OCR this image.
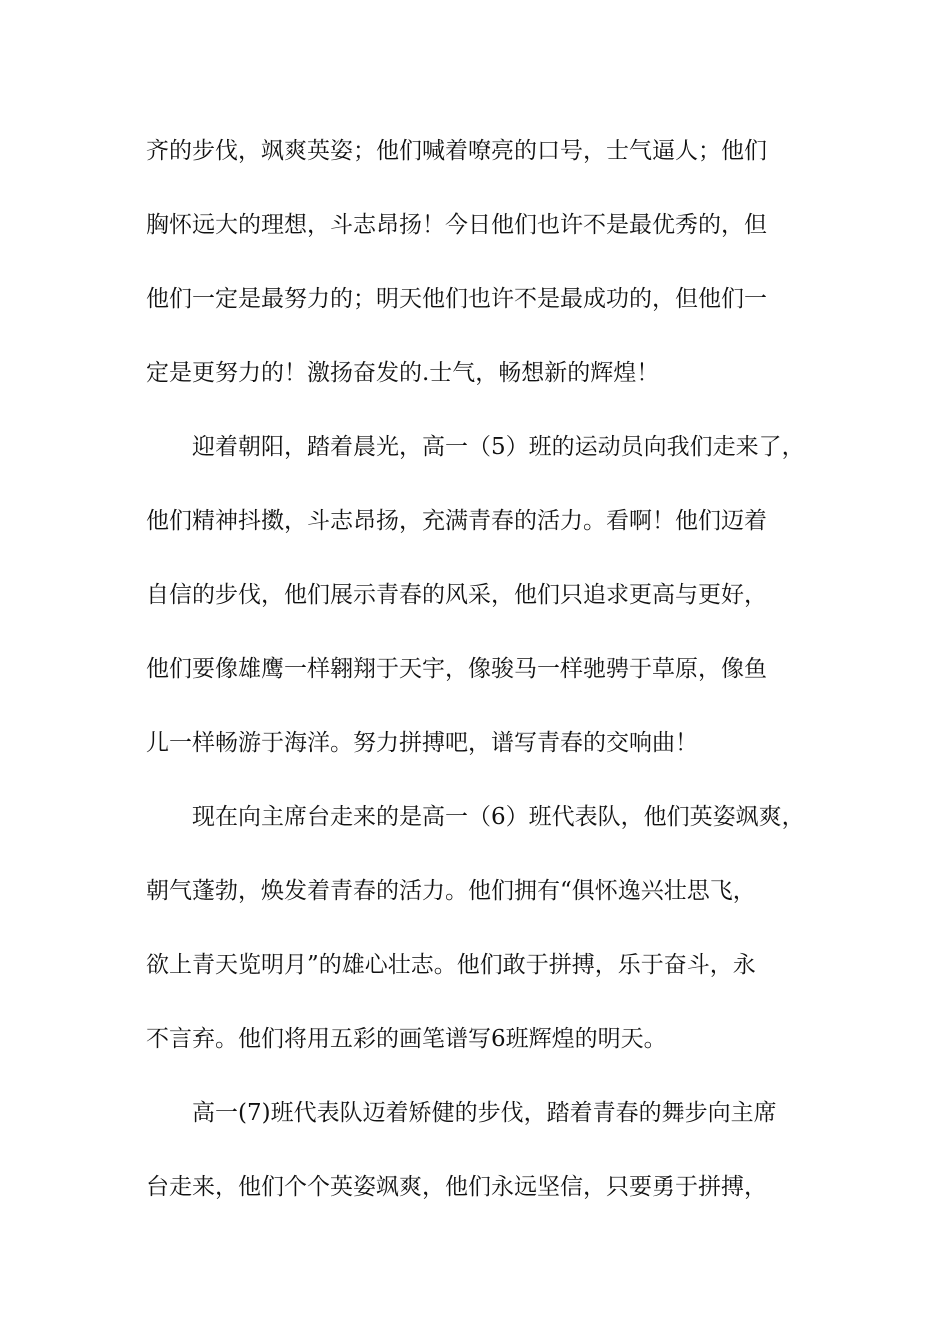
齐的步伐，飒爽英姿；他们喊着嘹亮的口号，士气逼人；他们
胸怀远大的理想，斗志昂扬！今日他们也许不是最优秀的，但
他们一定是最努力的；明天他们也许不是最成功的，但他们一
定是更努力的！激扬奋发的.士气，畅想新的辉煌！
迎着朝阳，踏着晨光，高一（5）班的运动员向我们走来了，
他们精神抖擞，斗志昂扬，充满青春的活力。看啊！他们迈着
自信的步伐，他们展示青春的风采，他们只追求更高与更好，
他们要像雄鹰一样翱翔于天宇，像骏马一样驰骋于草原，像鱼
儿一样畅游于海洋。努力拼搏吧，谱写青春的交响曲！
现在向主席台走来的是高一（6）班代表队，他们英姿飒爽，
朝气蓬勃，焕发着青春的活力。他们拥有“俱怀逸兴壮思飞，
欲上青天览明月”的雄心壮志。他们敢于拼搏，乐于奋斗，永
不言弃。他们将用五彩的画笔谱写6班辉煌的明天。
高一(7)班代表队迈着矫健的步伐，踏着青春的舞步向主席
台走来，他们个个英姿飒爽，他们永远坚信，只要勇于拼搏，
